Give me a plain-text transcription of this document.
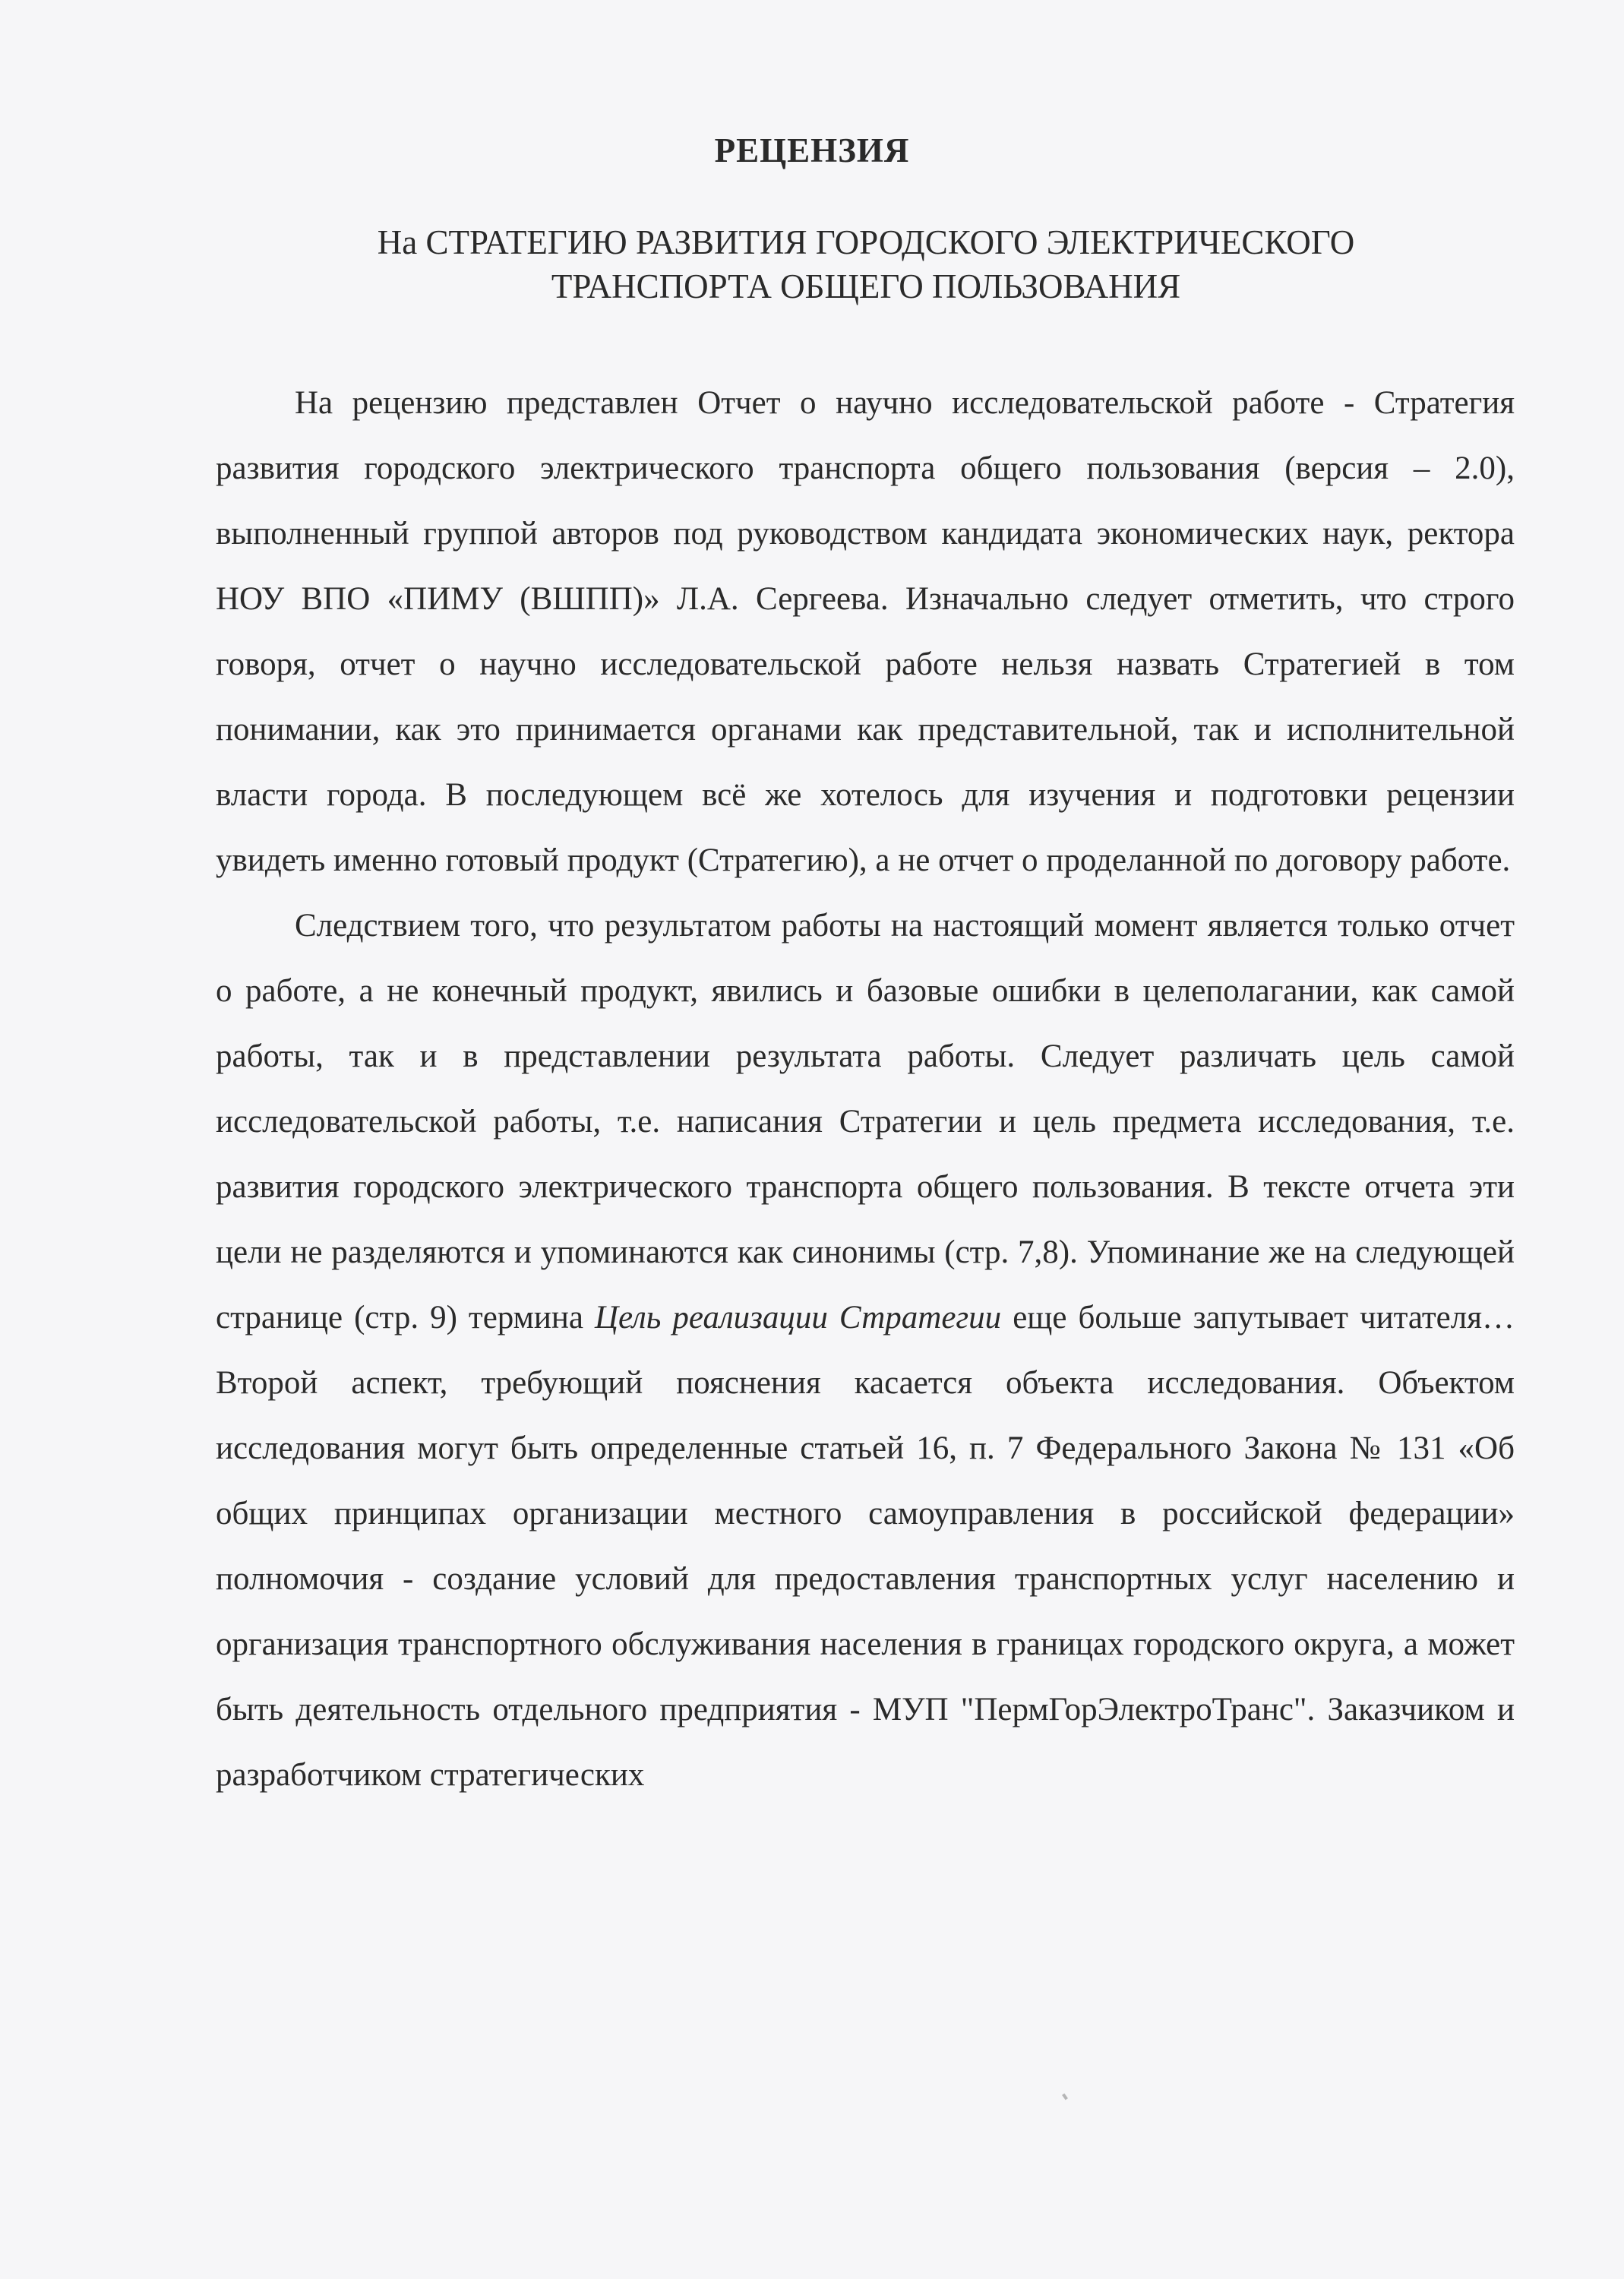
РЕЦЕНЗИЯ
На СТРАТЕГИЮ РАЗВИТИЯ ГОРОДСКОГО ЭЛЕКТРИЧЕСКОГО
ТРАНСПОРТА ОБЩЕГО ПОЛЬЗОВАНИЯ

На рецензию представлен Отчет о научно исследовательской работе - Стратегия развития городского электрического транспорта общего пользования (версия – 2.0), выполненный группой авторов под руководством кандидата экономических наук, ректора НОУ ВПО «ПИМУ (ВШПП)» Л.А. Сергеева. Изначально следует отметить, что строго говоря, отчет о научно исследовательской работе нельзя назвать Стратегией в том понимании, как это принимается органами как представительной, так и исполнительной власти города. В последующем всё же хотелось для изучения и подготовки рецензии увидеть именно готовый продукт (Стратегию), а не отчет о проделанной по договору работе.

Следствием того, что результатом работы на настоящий момент является только отчет о работе, а не конечный продукт, явились и базовые ошибки в целеполагании, как самой работы, так и в представлении результата работы. Следует различать цель самой исследовательской работы, т.е. написания Стратегии и цель предмета исследования, т.е. развития городского электрического транспорта общего пользования. В тексте отчета эти цели не разделяются и упоминаются как синонимы (стр. 7,8). Упоминание же на следующей странице (стр. 9) термина Цель реализации Стратегии еще больше запутывает читателя… Второй аспект, требующий пояснения касается объекта исследования. Объектом исследования могут быть определенные статьей 16, п. 7 Федерального Закона № 131 «Об общих принципах организации местного самоуправления в российской федерации» полномочия - создание условий для предоставления транспортных услуг населению и организация транспортного обслуживания населения в границах городского округа, а может быть деятельность отдельного предприятия - МУП "ПермГорЭлектроТранс". Заказчиком и разработчиком стратегических
